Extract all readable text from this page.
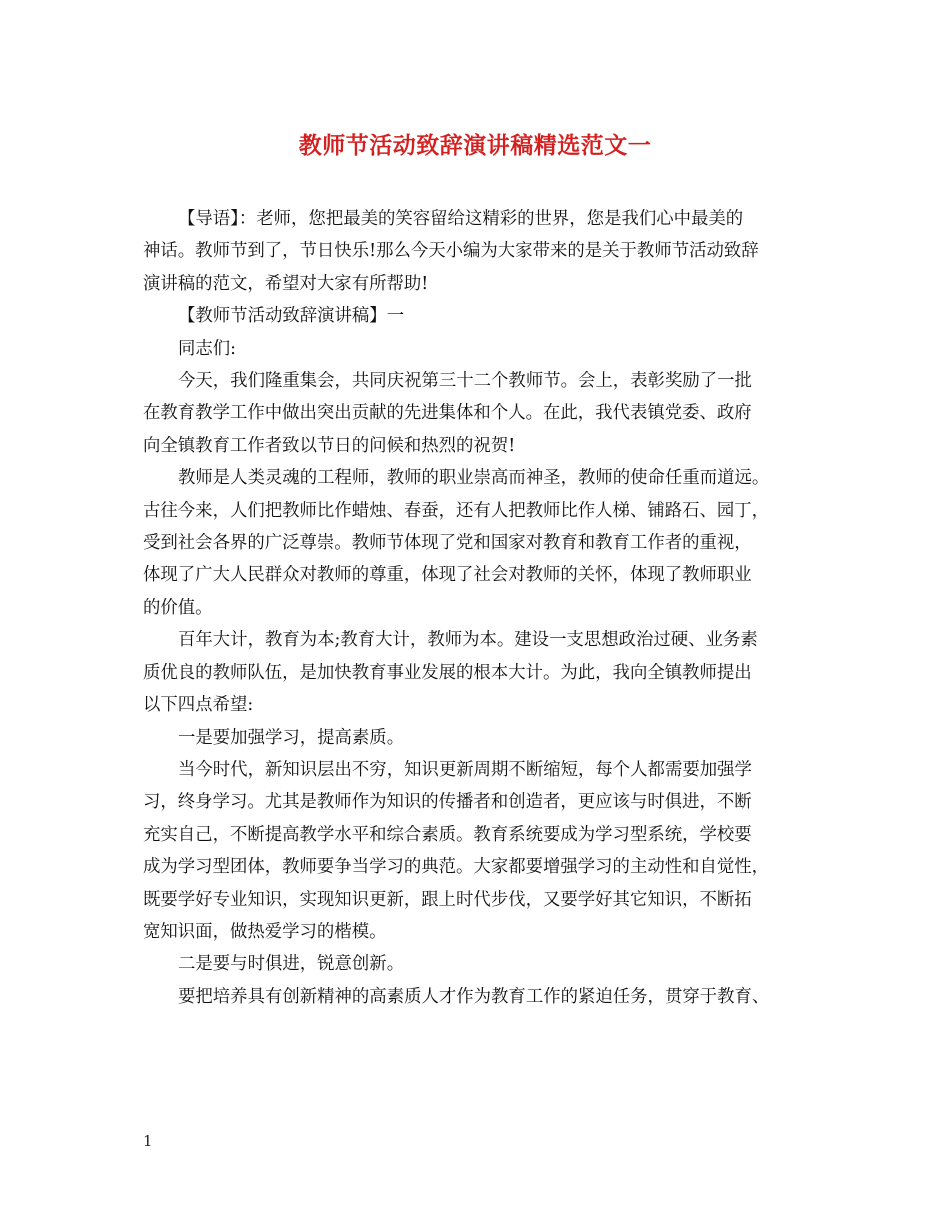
教师节活动致辞演讲稿精选范文一

【导语】：老师，您把最美的笑容留给这精彩的世界，您是我们心中最美的
神话。教师节到了，节日快乐!那么今天小编为大家带来的是关于教师节活动致辞
演讲稿的范文，希望对大家有所帮助!

【教师节活动致辞演讲稿】一

同志们:

今天，我们隆重集会，共同庆祝第三十二个教师节。会上，表彰奖励了一批
在教育教学工作中做出突出贡献的先进集体和个人。在此，我代表镇党委、政府
向全镇教育工作者致以节日的问候和热烈的祝贺!

教师是人类灵魂的工程师，教师的职业崇高而神圣，教师的使命任重而道远。
古往今来，人们把教师比作蜡烛、春蚕，还有人把教师比作人梯、铺路石、园丁，
受到社会各界的广泛尊崇。教师节体现了党和国家对教育和教育工作者的重视，
体现了广大人民群众对教师的尊重，体现了社会对教师的关怀，体现了教师职业
的价值。

百年大计，教育为本;教育大计，教师为本。建设一支思想政治过硬、业务素
质优良的教师队伍，是加快教育事业发展的根本大计。为此，我向全镇教师提出
以下四点希望:

一是要加强学习，提高素质。

当今时代，新知识层出不穷，知识更新周期不断缩短，每个人都需要加强学
习，终身学习。尤其是教师作为知识的传播者和创造者，更应该与时俱进，不断
充实自己，不断提高教学水平和综合素质。教育系统要成为学习型系统，学校要
成为学习型团体，教师要争当学习的典范。大家都要增强学习的主动性和自觉性，
既要学好专业知识，实现知识更新，跟上时代步伐，又要学好其它知识，不断拓
宽知识面，做热爱学习的楷模。

二是要与时俱进，锐意创新。

要把培养具有创新精神的高素质人才作为教育工作的紧迫任务，贯穿于教育、

1
